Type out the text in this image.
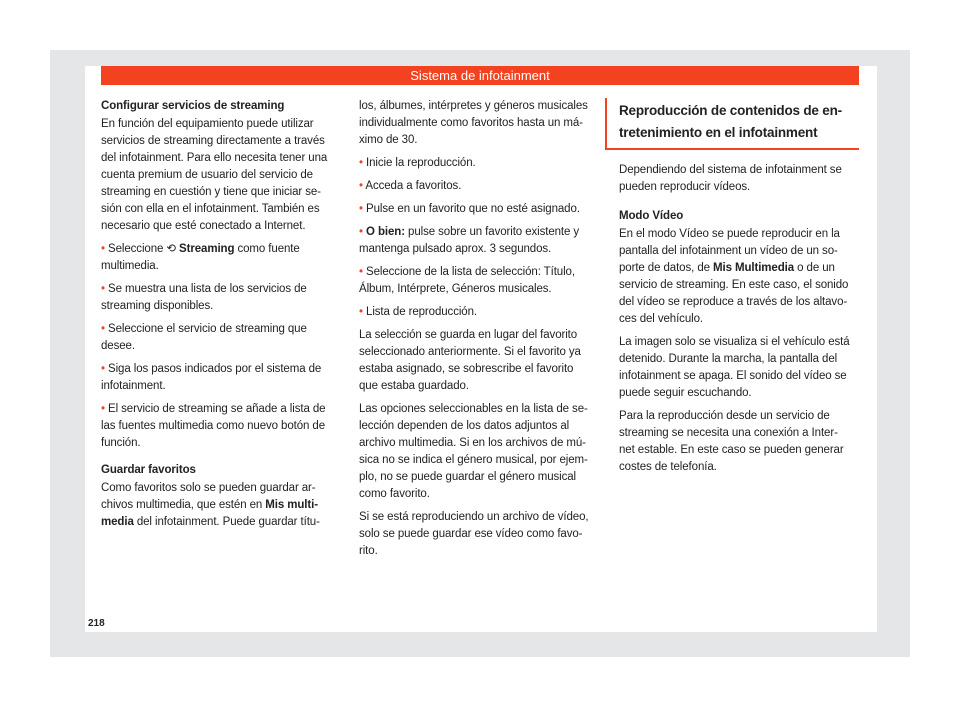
Sistema de infotainment
Configurar servicios de streaming

En función del equipamiento puede utilizar
servicios de streaming directamente a través
del infotainment. Para ello necesita tener una
cuenta premium de usuario del servicio de
streaming en cuestión y tiene que iniciar se-
sión con ella en el infotainment. También es
necesario que esté conectado a Internet.

• Seleccione ⟲ Streaming como fuente
multimedia.

• Se muestra una lista de los servicios de
streaming disponibles.

• Seleccione el servicio de streaming que
desee.

• Siga los pasos indicados por el sistema de
infotainment.

• El servicio de streaming se añade a lista de
las fuentes multimedia como nuevo botón de
función.

Guardar favoritos

Como favoritos solo se pueden guardar ar-
chivos multimedia, que estén en Mis multi-
media del infotainment. Puede guardar títu-

los, álbumes, intérpretes y géneros musicales
individualmente como favoritos hasta un má-
ximo de 30.

• Inicie la reproducción.

• Acceda a favoritos.

• Pulse en un favorito que no esté asignado.

• O bien: pulse sobre un favorito existente y
mantenga pulsado aprox. 3 segundos.

• Seleccione de la lista de selección: Título,
Álbum, Intérprete, Géneros musicales.

• Lista de reproducción.

La selección se guarda en lugar del favorito
seleccionado anteriormente. Si el favorito ya
estaba asignado, se sobrescribe el favorito
que estaba guardado.

Las opciones seleccionables en la lista de se-
lección dependen de los datos adjuntos al
archivo multimedia. Si en los archivos de mú-
sica no se indica el género musical, por ejem-
plo, no se puede guardar el género musical
como favorito.

Si se está reproduciendo un archivo de vídeo,
solo se puede guardar ese vídeo como favo-
rito.

Reproducción de contenidos de en-
tretenimiento en el infotainment

Dependiendo del sistema de infotainment se
pueden reproducir vídeos.

Modo Vídeo

En el modo Vídeo se puede reproducir en la
pantalla del infotainment un vídeo de un so-
porte de datos, de Mis Multimedia o de un
servicio de streaming. En este caso, el sonido
del vídeo se reproduce a través de los altavo-
ces del vehículo.

La imagen solo se visualiza si el vehículo está
detenido. Durante la marcha, la pantalla del
infotainment se apaga. El sonido del vídeo se
puede seguir escuchando.

Para la reproducción desde un servicio de
streaming se necesita una conexión a Inter-
net estable. En este caso se pueden generar
costes de telefonía.

218
